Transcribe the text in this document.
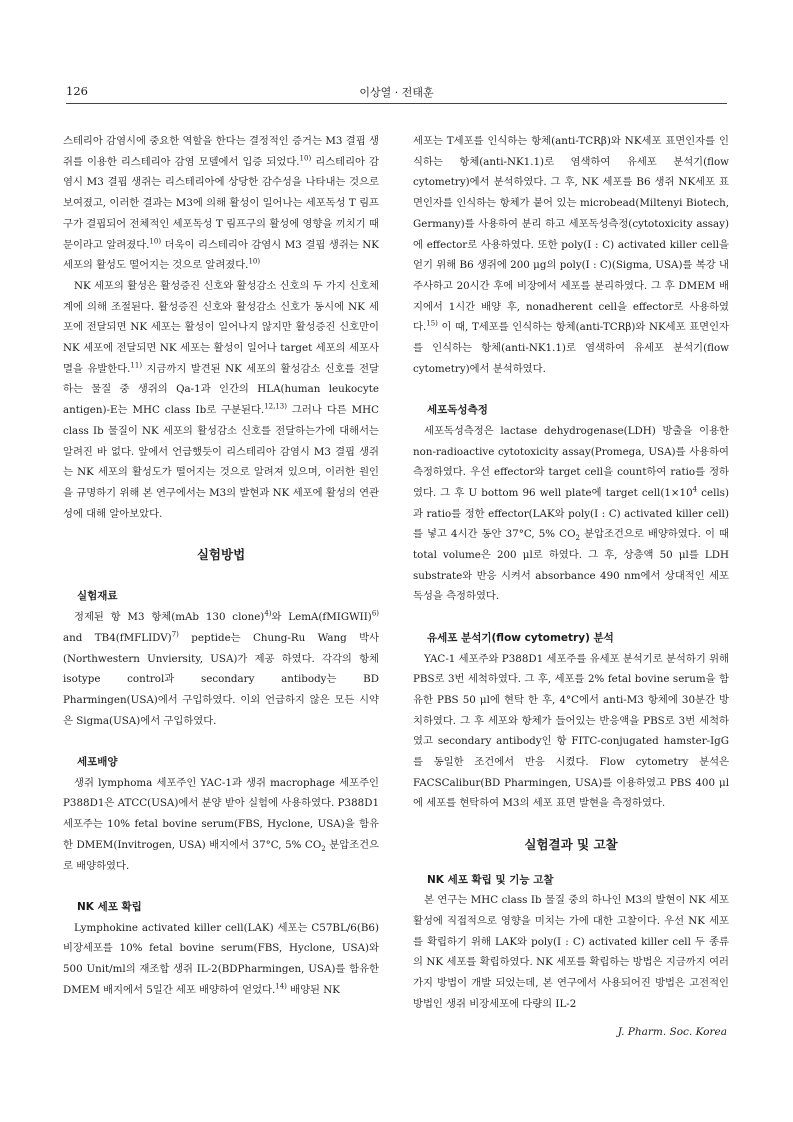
126	이상열 · 전태훈

스테리아 감염시에 중요한 역할을 한다는 결정적인 증거는 M3 결핍 생쥐를 이용한 리스테리아 감염 모델에서 입증 되었다.$^{10)}$ 리스테리아 감염시 M3 결핍 생쥐는 리스테리아에 상당한 감수성을 나타내는 것으로 보여졌고, 이러한 결과는 M3에 의해 활성이 일어나는 세포독성 T 림프구가 결핍되어 전체적인 세포독성 T 림프구의 활성에 영향을 끼치기 때문이라고 알려졌다.$^{10)}$ 더욱이 리스테리아 감염시 M3 결핍 생쥐는 NK 세포의 활성도 떨어지는 것으로 알려졌다.$^{10)}$

NK 세포의 활성은 활성증진 신호와 활성감소 신호의 두 가지 신호체계에 의해 조절된다. 활성증진 신호와 활성감소 신호가 동시에 NK 세포에 전달되면 NK 세포는 활성이 일어나지 않지만 활성증진 신호만이 NK 세포에 전달되면 NK 세포는 활성이 일어나 target 세포의 세포사멸을 유발한다.$^{11)}$ 지금까지 발견된 NK 세포의 활성감소 신호를 전달하는 물질 중 생쥐의 Qa-1과 인간의 HLA(human leukocyte antigen)-E는 MHC class Ib로 구분된다.$^{12,13)}$ 그러나 다른 MHC class Ib 물질이 NK 세포의 활성감소 신호를 전달하는가에 대해서는 알려진 바 없다. 앞에서 언급했듯이 리스테리아 감염시 M3 결핍 생쥐는 NK 세포의 활성도가 떨어지는 것으로 알려져 있으며, 이러한 원인을 규명하기 위해 본 연구에서는 M3의 발현과 NK 세포에 활성의 연관성에 대해 알아보았다.

실험방법
실험재료

정제된 항 M3 항체(mAb 130 clone)$^{4)}$와 LemA(fMIGWII)$^{6)}$ and TB4(fMFLIDV)$^{7)}$ peptide는 Chung-Ru Wang 박사(Northwestern Unviersity, USA)가 제공 하였다. 각각의 항체 isotype control과 secondary antibody는 BD Pharmingen(USA)에서 구입하였다. 이외 언급하지 않은 모든 시약은 Sigma(USA)에서 구입하였다.

세포배양

생쥐 lymphoma 세포주인 YAC-1과 생쥐 macrophage 세포주인 P388D1은 ATCC(USA)에서 분양 받아 실험에 사용하였다. P388D1 세포주는 10% fetal bovine serum(FBS, Hyclone, USA)을 함유한 DMEM(Invitrogen, USA) 배지에서 37°C, 5% $CO_2$ 분압조건으로 배양하였다.

NK 세포 확립

Lymphokine activated killer cell(LAK) 세포는 C57BL/6(B6) 비장세포를 10% fetal bovine serum(FBS, Hyclone, USA)와 500 Unit/ml의 재조합 생쥐 IL-2(BDPharmingen, USA)를 함유한 DMEM 배지에서 5일간 세포 배양하여 얻었다.$^{14)}$ 배양된 NK

세포는 T세포를 인식하는 항체(anti-TCRβ)와 NK세포 표면인자를 인식하는 항체(anti-NK1.1)로 염색하여 유세포 분석기(flow cytometry)에서 분석하였다. 그 후, NK 세포를 B6 생쥐 NK세포 표면인자를 인식하는 항체가 붙어 있는 microbead(Miltenyi Biotech, Germany)를 사용하여 분리 하고 세포독성측정(cytotoxicity assay)에 effector로 사용하였다. 또한 poly(I : C) activated killer cell을 얻기 위해 B6 생쥐에 200 μg의 poly(I : C)(Sigma, USA)를 복강 내 주사하고 20시간 후에 비장에서 세포를 분리하였다. 그 후 DMEM 배지에서 1시간 배양 후, nonadherent cell을 effector로 사용하였다.$^{15)}$ 이 때, T세포를 인식하는 항체(anti-TCRβ)와 NK세포 표면인자를 인식하는 항체(anti-NK1.1)로 염색하여 유세포 분석기(flow cytometry)에서 분석하였다.

세포독성측정

세포독성측정은 lactase dehydrogenase(LDH) 방출을 이용한 non-radioactive cytotoxicity assay(Promega, USA)를 사용하여 측정하였다. 우선 effector와 target cell을 count하여 ratio를 정하였다. 그 후 U bottom 96 well plate에 target $cell(1\times 10^4$ cells)과 ratio를 정한 effector(LAK와 poly(I : C) activated killer cell)를 넣고 4시간 동안 37°C, 5% $CO_2$ 분압조건으로 배양하였다. 이 때 total volume은 200 μl로 하였다. 그 후, 상층액 50 μl를 LDH substrate와 반응 시켜서 absorbance 490 nm에서 상대적인 세포독성을 측정하였다.

유세포 분석기(flow cytometry) 분석

YAC-1 세포주와 P388D1 세포주를 유세포 분석기로 분석하기 위해 PBS로 3번 세척하였다. 그 후, 세포를 2% fetal bovine serum을 함유한 PBS 50 μl에 현탁 한 후, 4°C에서 anti-M3 항체에 30분간 방치하였다. 그 후 세포와 항체가 들어있는 반응액을 PBS로 3번 세척하였고 secondary antibody인 항 FITC-conjugated hamster-IgG를 동일한 조건에서 반응 시켰다. Flow cytometry 분석은 FACSCalibur(BD Pharmingen, USA)를 이용하였고 PBS 400 μl에 세포를 현탁하여 M3의 세포 표면 발현을 측정하였다.

실험결과 및 고찰
NK 세포 확립 및 기능 고찰

본 연구는 MHC class Ib 물질 중의 하나인 M3의 발현이 NK 세포 활성에 직접적으로 영향을 미치는 가에 대한 고찰이다. 우선 NK 세포를 확립하기 위해 LAK와 poly(I : C) activated killer cell 두 종류의 NK 세포를 확립하였다. NK 세포를 확립하는 방법은 지금까지 여러 가지 방법이 개발 되었는데, 본 연구에서 사용되어진 방법은 고전적인 방법인 생쥐 비장세포에 다량의 IL-2

J. Pharm. Soc. Korea
